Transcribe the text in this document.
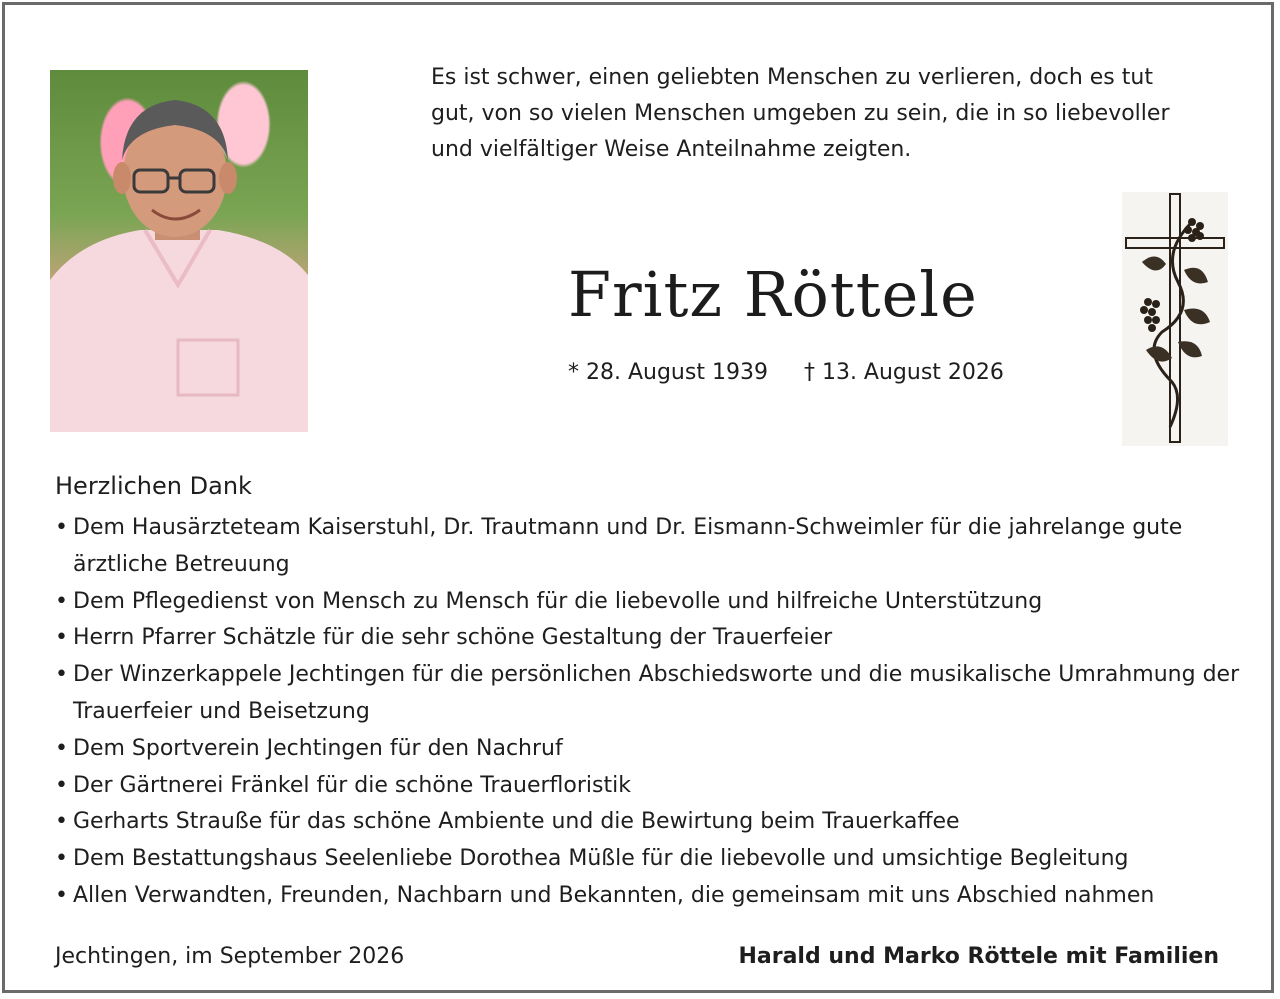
Es ist schwer, einen geliebten Menschen zu verlieren, doch es tut
gut, von so vielen Menschen umgeben zu sein, die in so liebevoller
und vielfältiger Weise Anteilnahme zeigten.
Fritz Röttele
* 28. August 1939 † 13. August 2026
Herzlichen Dank
• Dem Hausärzteteam Kaiserstuhl, Dr. Trautmann und Dr. Eismann-Schweimler für die jahrelange gute ärztliche Betreuung
• Dem Pflegedienst von Mensch zu Mensch für die liebevolle und hilfreiche Unterstützung
• Herrn Pfarrer Schätzle für die sehr schöne Gestaltung der Trauerfeier
• Der Winzerkappele Jechtingen für die persönlichen Abschiedsworte und die musikalische Umrahmung der Trauerfeier und Beisetzung
• Dem Sportverein Jechtingen für den Nachruf
• Der Gärtnerei Fränkel für die schöne Trauerfloristik
• Gerharts Strauße für das schöne Ambiente und die Bewirtung beim Trauerkaffee
• Dem Bestattungshaus Seelenliebe Dorothea Müßle für die liebevolle und umsichtige Begleitung
• Allen Verwandten, Freunden, Nachbarn und Bekannten, die gemeinsam mit uns Abschied nahmen
Jechtingen, im September 2026	Harald und Marko Röttele mit Familien
